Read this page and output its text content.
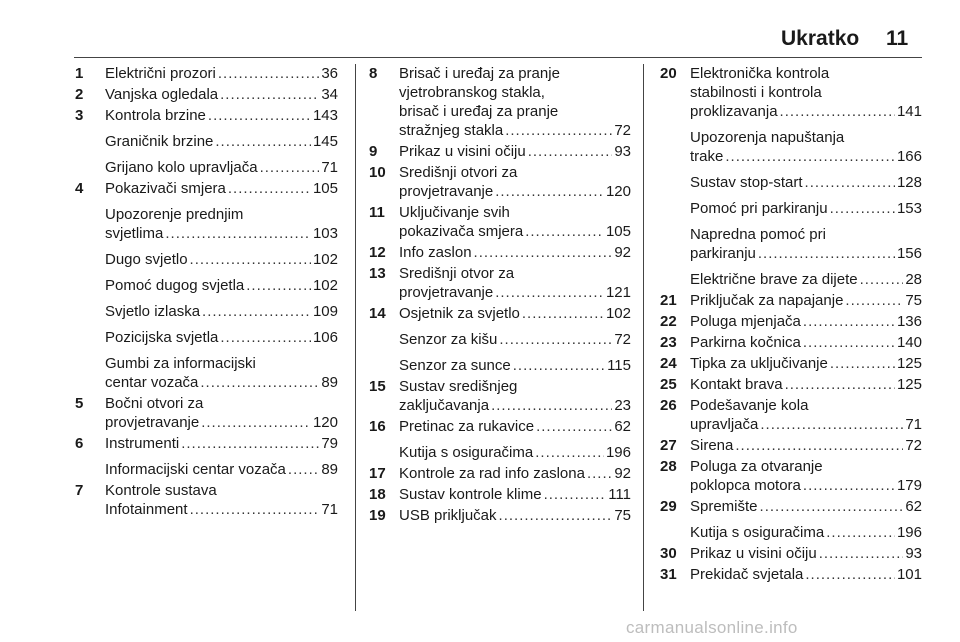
Ukratko 11
1 Električni prozori .....	36
2 Vanjska ogledala .....	34
3 Kontrola brzine .....	143
Graničnik brzine .....	145
Grijano kolo upravljača .....	71
4 Pokazivači smjera .....	105
Upozorenje prednjim
svjetlima .....	103
Dugo svjetlo .....	102
Pomoć dugog svjetla .....	102
Svjetlo izlaska .....	109
Pozicijska svjetla .....	106
Gumbi za informacijski
centar vozača .....	89
5 Bočni otvori za
provjetravanje .....	120
6 Instrumenti .....	79
Informacijski centar vozača ..... 89
7 Kontrole sustava
Infotainment .....	71
8 Brisač i uređaj za pranje
vjetrobranskog stakla,
brisač i uređaj za pranje
stražnjeg stakla .....	72
9 Prikaz u visini očiju .....	93
10 Središnji otvori za
provjetravanje .....	120
11 Uključivanje svih
pokazivača smjera .....	105
12 Info zaslon .....	92
13 Središnji otvor za
provjetravanje .....	121
14 Osjetnik za svjetlo .....	102
Senzor za kišu .....	72
Senzor za sunce .....	115
15 Sustav središnjeg
zaključavanja .....	23
16 Pretinac za rukavice .....	62
Kutija s osiguračima .....	196
17 Kontrole za rad info zaslona ..... 92
18 Sustav kontrole klime .....	111
19 USB priključak .....	75
20 Elektronička kontrola
stabilnosti i kontrola
proklizavanja .....	141
Upozorenja napuštanja
trake .....	166
Sustav stop-start .....	128
Pomoć pri parkiranju .....	153
Napredna pomoć pri
parkiranju .....	156
Električne brave za dijete .....	28
21 Priključak za napajanje .....	75
22 Poluga mjenjača .....	136
23 Parkirna kočnica .....	140
24 Tipka za uključivanje .....	125
25 Kontakt brava .....	125
26 Podešavanje kola
upravljača .....	71
27 Sirena .....	72
28 Poluga za otvaranje
poklopca motora .....	179
29 Spremište .....	62
Kutija s osiguračima .....	196
30 Prikaz u visini očiju .....	93
31 Prekidač svjetala .....	101
carmanualsonline.info
